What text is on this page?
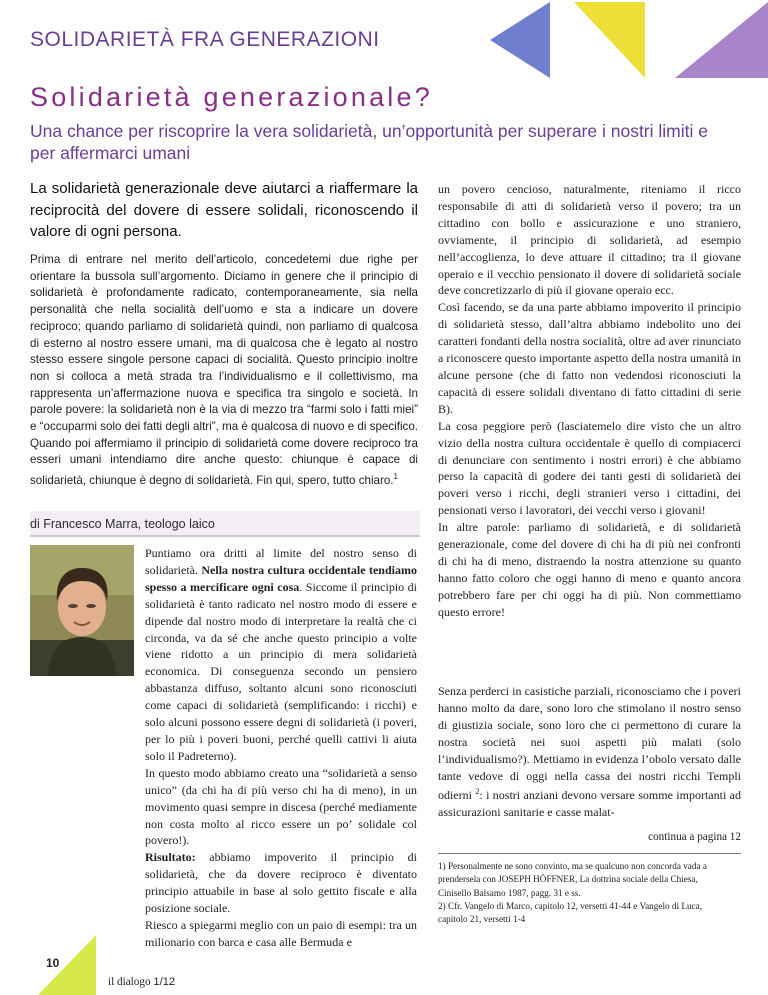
SOLIDARIETÀ FRA GENERAZIONI
Solidarietà generazionale?
Una chance per riscoprire la vera solidarietà, un’opportunità per superare i nostri limiti e per affermarci umani
La solidarietà generazionale deve aiutarci a riaffermare la reciprocità del dovere di essere solidali, riconoscendo il valore di ogni persona.
Prima di entrare nel merito dell’articolo, concedetemi due righe per orientare la bussola sull’argomento. Diciamo in genere che il principio di solidarietà è profondamente radicato, contemporaneamente, sia nella personalità che nella socialità dell’uomo e sta a indicare un dovere reciproco; quando parliamo di solidarietà quindi, non parliamo di qualcosa di esterno al nostro essere umani, ma di qualcosa che è legato al nostro stesso essere singole persone capaci di socialità. Questo principio inoltre non si colloca a metà strada tra l’individualismo e il collettivismo, ma rappresenta un’affermazione nuova e specifica tra singolo e società. In parole povere: la solidarietà non è la via di mezzo tra “farmi solo i fatti miei” e “occuparmi solo dei fatti degli altri”, ma è qualcosa di nuovo e di specifico. Quando poi affermiamo il principio di solidarietà come dovere reciproco tra esseri umani intendiamo dire anche questo: chiunque è capace di solidarietà, chiunque è degno di solidarietà. Fin qui, spero, tutto chiaro.$^1$
di Francesco Marra, teologo laico

Puntiamo ora dritti al limite del nostro senso di solidarietà. Nella nostra cultura occidentale tendiamo spesso a mercificare ogni cosa. Siccome il principio di solidarietà è tanto radicato nel nostro modo di essere e dipende dal nostro modo di interpretare la realtà che ci circonda, va da sé che anche questo principio a volte viene ridotto a un principio di mera solidarietà economica. Di conseguenza secondo un pensiero abbastanza diffuso, soltanto alcuni sono riconosciuti come capaci di solidarietà (semplificando: i ricchi) e solo alcuni possono essere degni di solidarietà (i poveri, per lo più i poveri buoni, perché quelli cattivi li aiuta solo il Padreterno).

In questo modo abbiamo creato una “solidarietà a senso unico” (da chi ha di più verso chi ha di meno), in un movimento quasi sempre in discesa (perché mediamente non costa molto al ricco essere un po’ solidale col povero!).

Risultato: abbiamo impoverito il principio di solidarietà, che da dovere reciproco è diventato principio attuabile in base al solo gettito fiscale e alla posizione sociale.

Riesco a spiegarmi meglio con un paio di esempi: tra un milionario con barca e casa alle Bermuda e

un povero cencioso, naturalmente, riteniamo il ricco responsabile di atti di solidarietà verso il povero; tra un cittadino con bollo e assicurazione e uno straniero, ovviamente, il principio di solidarietà, ad esempio nell’accoglienza, lo deve attuare il cittadino; tra il giovane operaio e il vecchio pensionato il dovere di solidarietà sociale deve concretizzarlo di più il giovane operaio ecc.

Così facendo, se da una parte abbiamo impoverito il principio di solidarietà stesso, dall’altra abbiamo indebolito uno dei caratteri fondanti della nostra socialità, oltre ad aver rinunciato a riconoscere questo importante aspetto della nostra umanità in alcune persone (che di fatto non vedendosi riconosciuti la capacità di essere solidali diventano di fatto cittadini di serie B).

La cosa peggiore però (lasciatemelo dire visto che un altro vizio della nostra cultura occidentale è quello di compiacerci di denunciare con sentimento i nostri errori) è che abbiamo perso la capacità di godere dei tanti gesti di solidarietà dei poveri verso i ricchi, degli stranieri verso i cittadini, dei pensionati verso i lavoratori, dei vecchi verso i giovani!

In altre parole: parliamo di solidarietà, e di solidarietà generazionale, come del dovere di chi ha di più nei confronti di chi ha di meno, distraendo la nostra attenzione su quanto hanno fatto coloro che oggi hanno di meno e quanto ancora potrebbero fare per chi oggi ha di più. Non commettiamo questo errore!

Senza perderci in casistiche parziali, riconosciamo che i poveri hanno molto da dare, sono loro che stimolano il nostro senso di giustizia sociale, sono loro che ci permettono di curare la nostra società nei suoi aspetti più malati (solo l’individualismo?). Mettiamo in evidenza l’obolo versato dalle tante vedove di oggi nella cassa dei nostri ricchi Templi odierni $^2$: i nostri anziani devono versare somme importanti ad assicurazioni sanitarie e casse malat-

continua a pagina 12

1) Personalmente ne sono convinto, ma se qualcuno non concorda vada a prendersela con JOSEPH HÖFFNER, La dottrina sociale della Chiesa, Cinisello Balsamo 1987, pagg. 31 e ss.

2) Cfr. Vangelo di Marco, capitolo 12, versetti 41-44 e Vangelo di Luca, capitolo 21, versetti 1-4

10
il dialogo 1/12
